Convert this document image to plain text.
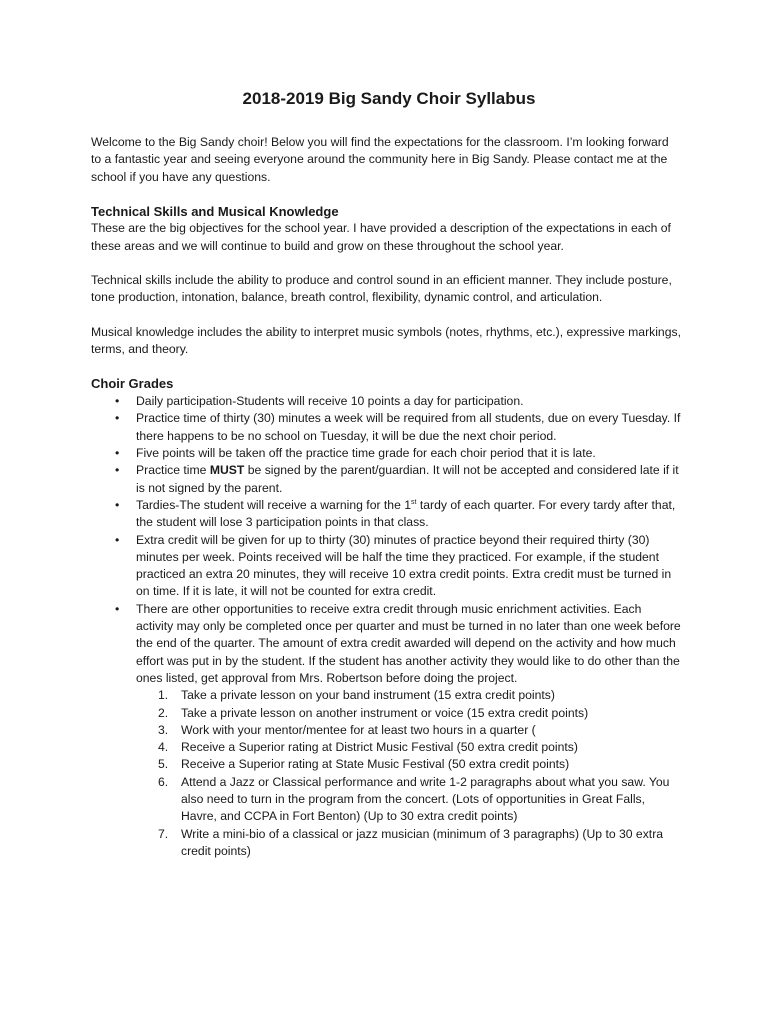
2018-2019 Big Sandy Choir Syllabus

Welcome to the Big Sandy choir! Below you will find the expectations for the classroom. I’m looking forward to a fantastic year and seeing everyone around the community here in Big Sandy. Please contact me at the school if you have any questions.

Technical Skills and Musical Knowledge

These are the big objectives for the school year. I have provided a description of the expectations in each of these areas and we will continue to build and grow on these throughout the school year.

Technical skills include the ability to produce and control sound in an efficient manner. They include posture, tone production, intonation, balance, breath control, flexibility, dynamic control, and articulation.

Musical knowledge includes the ability to interpret music symbols (notes, rhythms, etc.), expressive markings, terms, and theory.

Choir Grades
• Daily participation-Students will receive 10 points a day for participation.
• Practice time of thirty (30) minutes a week will be required from all students, due on every Tuesday. If there happens to be no school on Tuesday, it will be due the next choir period.
• Five points will be taken off the practice time grade for each choir period that it is late.
• Practice time MUST be signed by the parent/guardian. It will not be accepted and considered late if it is not signed by the parent.
• Tardies-The student will receive a warning for the 1st tardy of each quarter. For every tardy after that, the student will lose 3 participation points in that class.
• Extra credit will be given for up to thirty (30) minutes of practice beyond their required thirty (30) minutes per week. Points received will be half the time they practiced. For example, if the student practiced an extra 20 minutes, they will receive 10 extra credit points. Extra credit must be turned in on time. If it is late, it will not be counted for extra credit.
• There are other opportunities to receive extra credit through music enrichment activities. Each activity may only be completed once per quarter and must be turned in no later than one week before the end of the quarter. The amount of extra credit awarded will depend on the activity and how much effort was put in by the student. If the student has another activity they would like to do other than the ones listed, get approval from Mrs. Robertson before doing the project.
1.	Take a private lesson on your band instrument (15 extra credit points)
2.	Take a private lesson on another instrument or voice (15 extra credit points)
3.	Work with your mentor/mentee for at least two hours in a quarter (
4.	Receive a Superior rating at District Music Festival (50 extra credit points)
5.	Receive a Superior rating at State Music Festival (50 extra credit points)
6.	Attend a Jazz or Classical performance and write 1-2 paragraphs about what you saw. You also need to turn in the program from the concert. (Lots of opportunities in Great Falls, Havre, and CCPA in Fort Benton) (Up to 30 extra credit points)
7.	Write a mini-bio of a classical or jazz musician (minimum of 3 paragraphs) (Up to 30 extra credit points)
